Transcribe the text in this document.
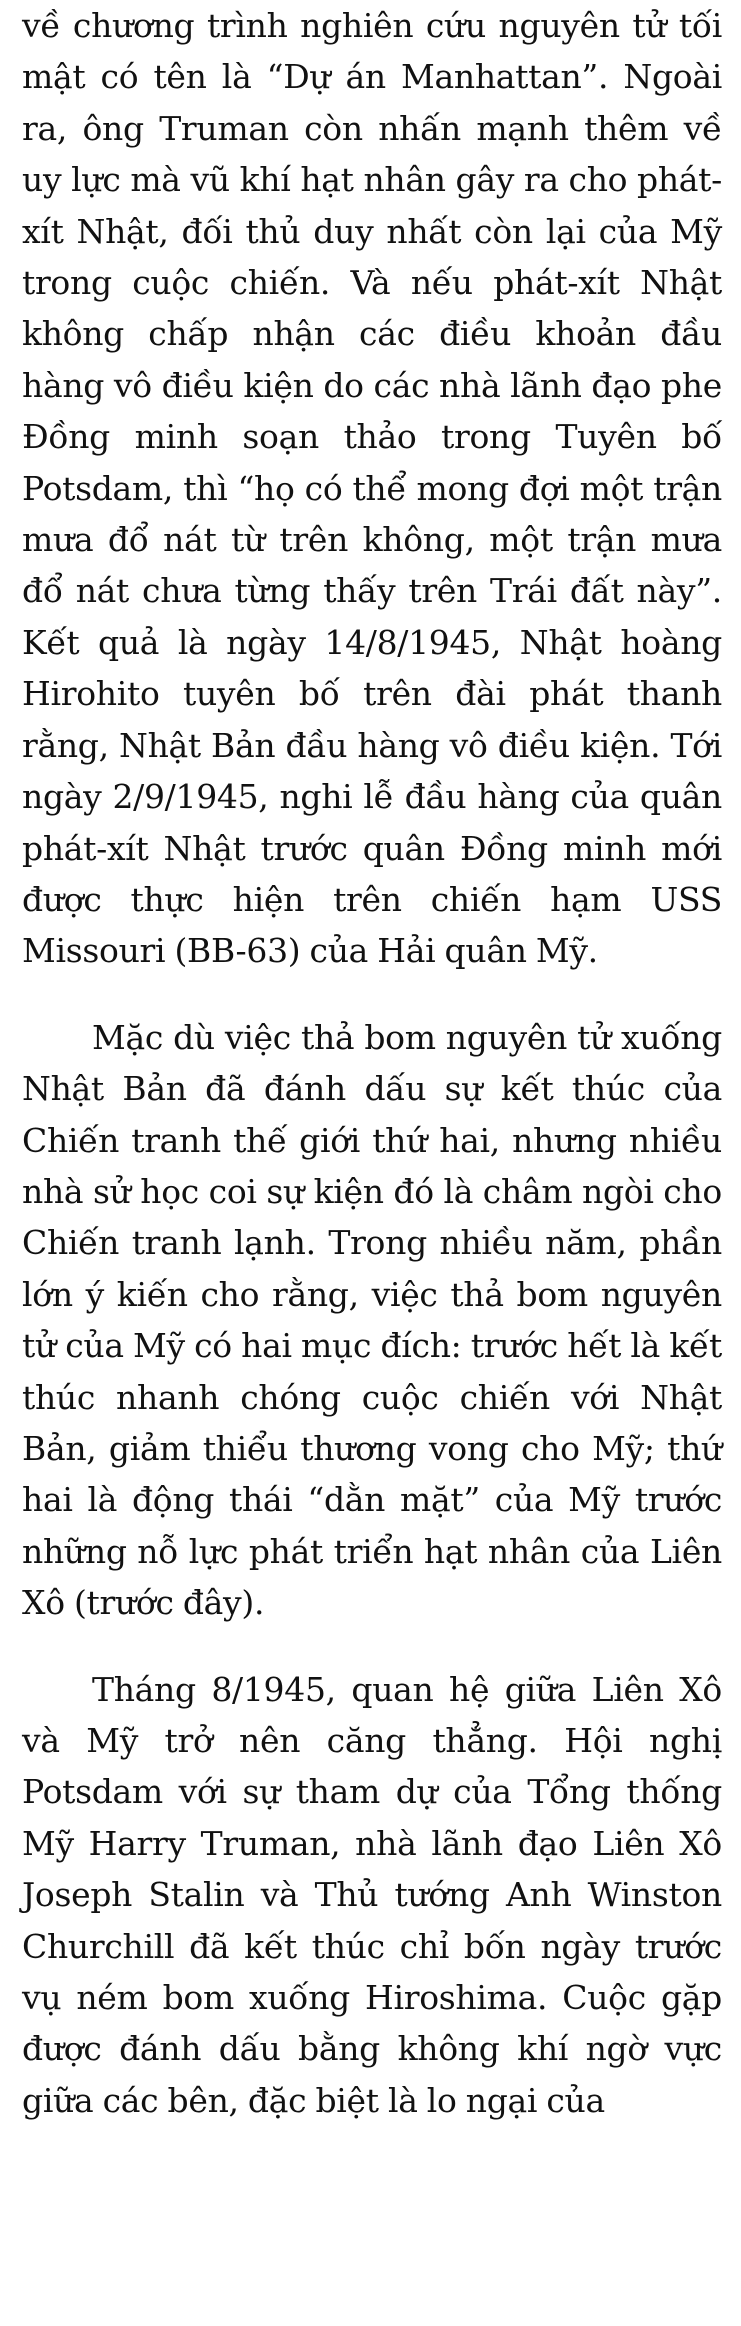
về chương trình nghiên cứu nguyên tử tối mật có tên là “Dự án Manhattan”. Ngoài ra, ông Truman còn nhấn mạnh thêm về uy lực mà vũ khí hạt nhân gây ra cho phát-xít Nhật, đối thủ duy nhất còn lại của Mỹ trong cuộc chiến. Và nếu phát-xít Nhật không chấp nhận các điều khoản đầu hàng vô điều kiện do các nhà lãnh đạo phe Đồng minh soạn thảo trong Tuyên bố Potsdam, thì “họ có thể mong đợi một trận mưa đổ nát từ trên không, một trận mưa đổ nát chưa từng thấy trên Trái đất này”. Kết quả là ngày 14/8/1945, Nhật hoàng Hirohito tuyên bố trên đài phát thanh rằng, Nhật Bản đầu hàng vô điều kiện. Tới ngày 2/9/1945, nghi lễ đầu hàng của quân phát-xít Nhật trước quân Đồng minh mới được thực hiện trên chiến hạm USS Missouri (BB-63) của Hải quân Mỹ.

Mặc dù việc thả bom nguyên tử xuống Nhật Bản đã đánh dấu sự kết thúc của Chiến tranh thế giới thứ hai, nhưng nhiều nhà sử học coi sự kiện đó là châm ngòi cho Chiến tranh lạnh. Trong nhiều năm, phần lớn ý kiến cho rằng, việc thả bom nguyên tử của Mỹ có hai mục đích: trước hết là kết thúc nhanh chóng cuộc chiến với Nhật Bản, giảm thiểu thương vong cho Mỹ; thứ hai là động thái “dằn mặt” của Mỹ trước những nỗ lực phát triển hạt nhân của Liên Xô (trước đây).

Tháng 8/1945, quan hệ giữa Liên Xô và Mỹ trở nên căng thẳng. Hội nghị Potsdam với sự tham dự của Tổng thống Mỹ Harry Truman, nhà lãnh đạo Liên Xô Joseph Stalin và Thủ tướng Anh Winston Churchill đã kết thúc chỉ bốn ngày trước vụ ném bom xuống Hiroshima. Cuộc gặp được đánh dấu bằng không khí ngờ vực giữa các bên, đặc biệt là lo ngại của
